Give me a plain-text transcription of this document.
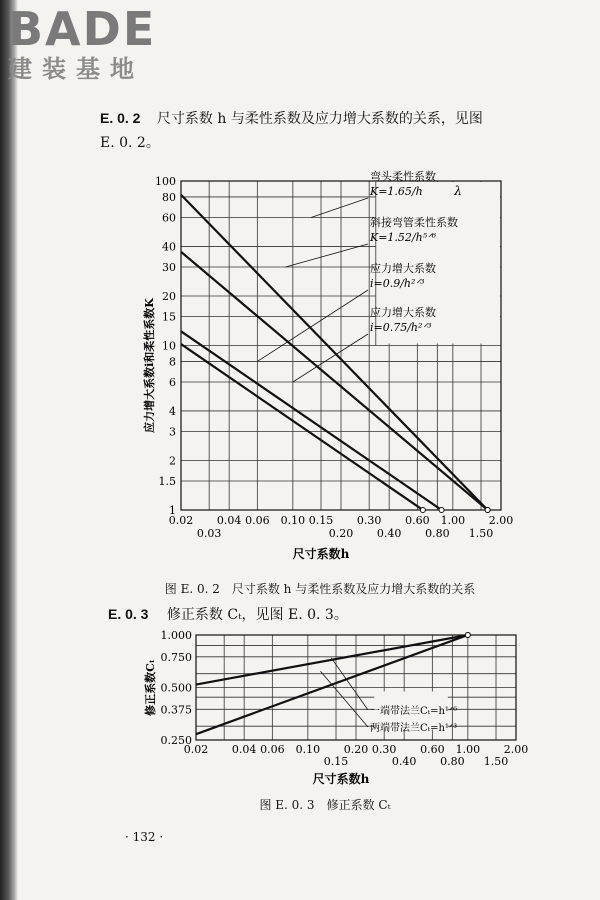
BADE
建装基地
E. 0. 2 尺寸系数 h 与柔性系数及应力增大系数的关系，见图
E. 0. 2。
1
1.5
2
3
4
6
8
10
15
20
30
40
60
80
100
0.02 0.04 0.06 0.10 0.15 0.30 0.60 1.00 2.00
0.03	0.20 0.40 0.80 1.50
尺寸系数h
应力增大系数i和柔性系数K
λ
弯头柔性系数
K=1.65/h
斜接弯管柔性系数
K=1.52/h⁵ᐟ⁶
应力增大系数
i=0.9/h²ᐟ³
应力增大系数
i=0.75/h²ᐟ³
图 E. 0. 2　尺寸系数 h 与柔性系数及应力增大系数的关系
E. 0. 3 修正系数 Cₜ，见图 E. 0. 3。
0.250
0.375
0.500
0.750
1.000
0.02 0.04 0.06 0.10 0.20 0.30 0.60 1.00 2.00
0.15	0.40 0.80 1.50
尺寸系数h
修正系数Cₜ	一端带法兰Cₜ=h¹ᐟ⁶
两端带法兰Cₜ=h¹ᐟ³
图 E. 0. 3　修正系数 Cₜ
· 132 ·
